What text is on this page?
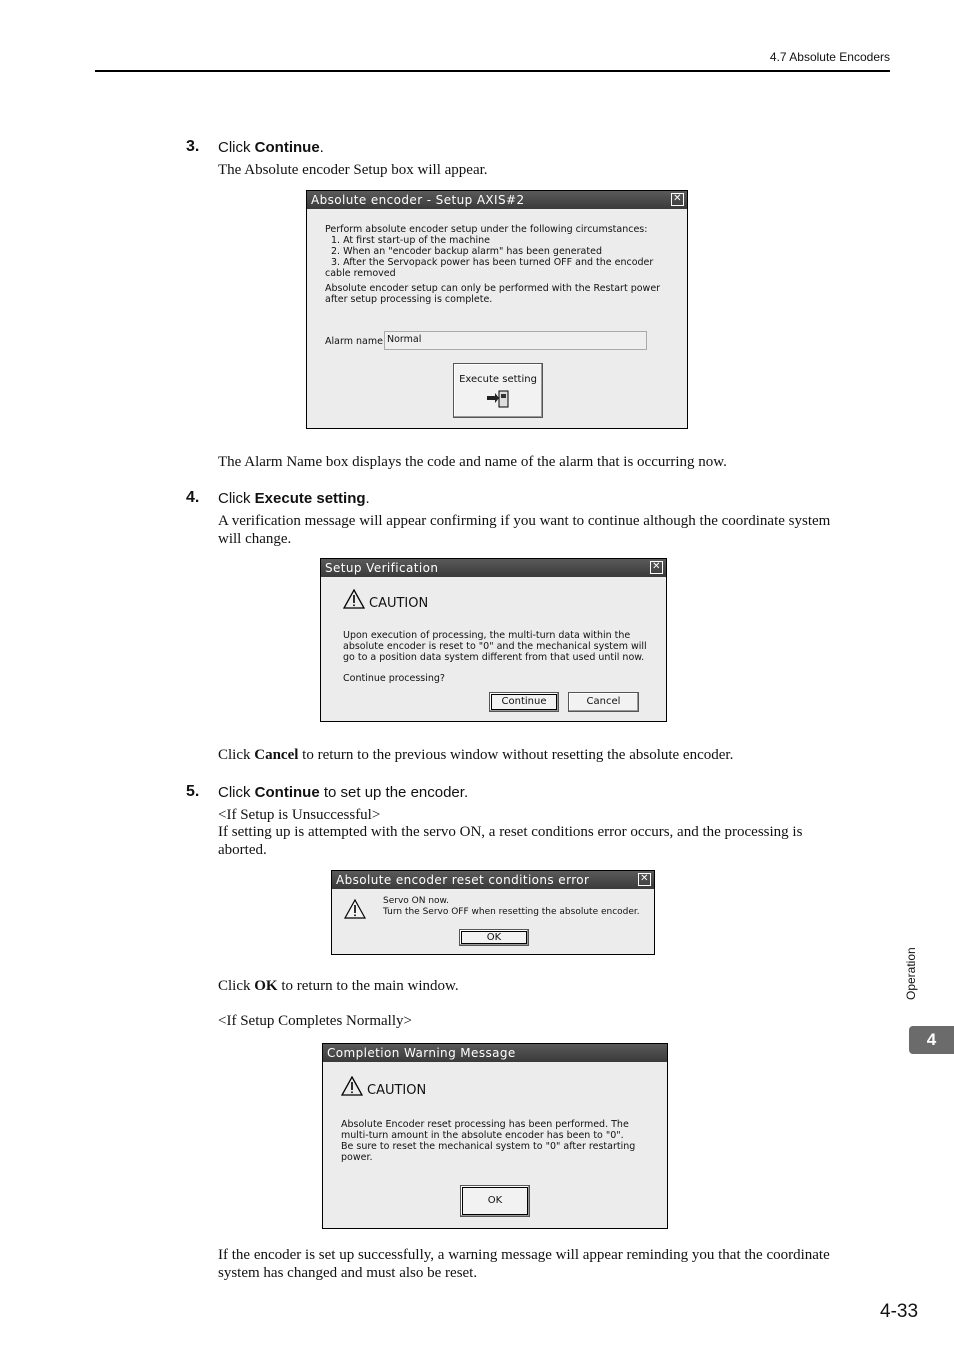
4.7 Absolute Encoders
3. Click Continue.
The Absolute encoder Setup box will appear.
Absolute encoder - Setup AXIS#2	✕
Perform absolute encoder setup under the following circumstances:
1. At first start-up of the machine
2. When an "encoder backup alarm" has been generated
3. After the Servopack power has been turned OFF and the encoder
cable removed
Absolute encoder setup can only be performed with the Restart power
after setup processing is complete.
Alarm name Normal
Execute setting
The Alarm Name box displays the code and name of the alarm that is occurring now.
4. Click Execute setting.
A verification message will appear confirming if you want to continue although the coordinate system
will change.
Setup Verification	✕
CAUTION
Upon execution of processing, the multi-turn data within the
absolute encoder is reset to "0" and the mechanical system will
go to a position data system different from that used until now.
Continue processing?
Continue	Cancel
Click Cancel to return to the previous window without resetting the absolute encoder.
5. Click Continue to set up the encoder.
<If Setup is Unsuccessful>
If setting up is attempted with the servo ON, a reset conditions error occurs, and the processing is
aborted.
Absolute encoder reset conditions error	✕
Servo ON now.
Turn the Servo OFF when resetting the absolute encoder.
OK
Click OK to return to the main window.
<If Setup Completes Normally>
Completion Warning Message
CAUTION
Absolute Encoder reset processing has been performed. The
multi-turn amount in the absolute encoder has been to "0".
Be sure to reset the mechanical system to "0" after restarting
power.
OK
If the encoder is set up successfully, a warning message will appear reminding you that the coordinate
system has changed and must also be reset.
Operation
4
4-33
